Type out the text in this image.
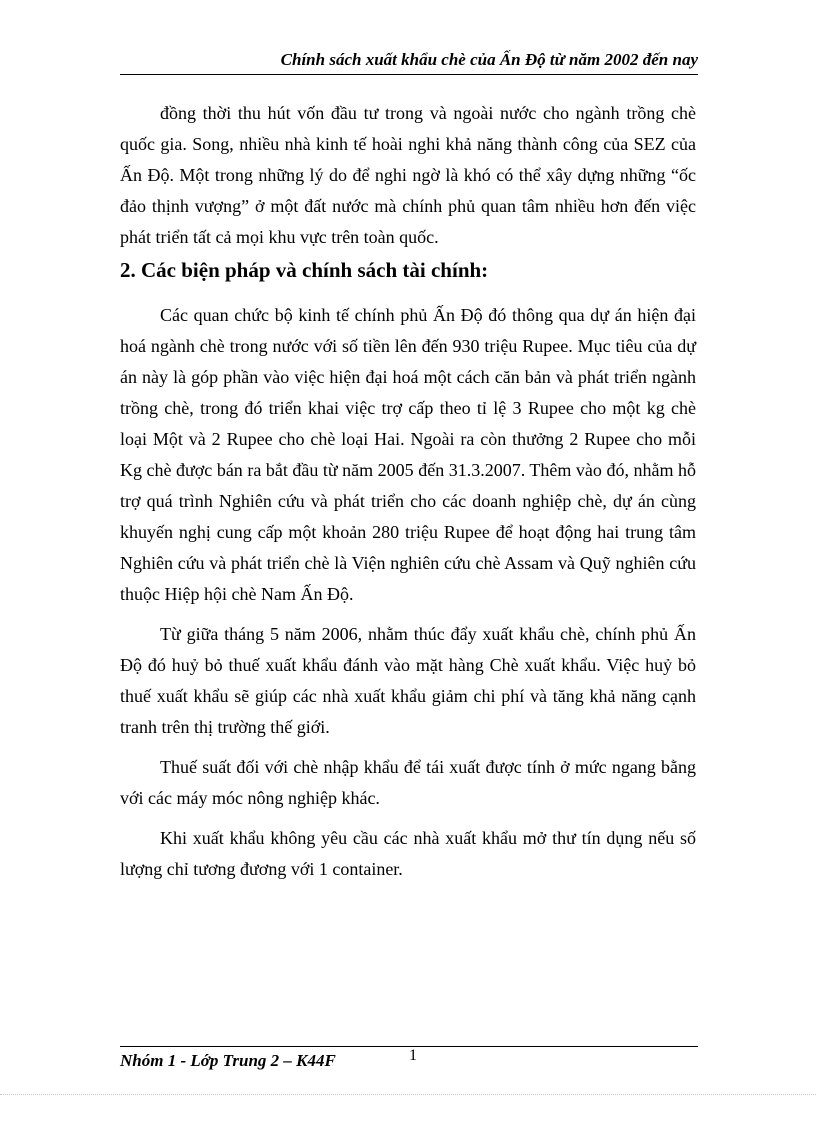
Chính sách xuất khẩu chè của Ấn Độ từ năm 2002 đến nay

đồng thời thu hút vốn đầu tư trong và ngoài nước cho ngành trồng chè quốc gia. Song, nhiều nhà kinh tế hoài nghi khả năng thành công của SEZ của Ấn Độ. Một trong những lý do để nghi ngờ là khó có thể xây dựng những “ốc đảo thịnh vượng” ở một đất nước mà chính phủ quan tâm nhiều hơn đến việc phát triển tất cả mọi khu vực trên toàn quốc.

2. Các biện pháp và chính sách tài chính:

Các quan chức bộ kinh tế chính phủ Ấn Độ đó thông qua dự án hiện đại hoá ngành chè trong nước với số tiền lên đến 930 triệu Rupee. Mục tiêu của dự án này là góp phần vào việc hiện đại hoá một cách căn bản và phát triển ngành trồng chè, trong đó triển khai việc trợ cấp theo tỉ lệ 3 Rupee cho một kg chè loại Một và 2 Rupee cho chè loại Hai. Ngoài ra còn thưởng 2 Rupee cho mỗi Kg chè được bán ra bắt đầu từ năm 2005 đến 31.3.2007. Thêm vào đó, nhằm hỗ trợ quá trình Nghiên cứu và phát triển cho các doanh nghiệp chè, dự án cùng khuyến nghị cung cấp một khoản 280 triệu Rupee để hoạt động hai trung tâm Nghiên cứu và phát triển chè là Viện nghiên cứu chè Assam và Quỹ nghiên cứu thuộc Hiệp hội chè Nam Ấn Độ.

Từ giữa tháng 5 năm 2006, nhằm thúc đẩy xuất khẩu chè, chính phủ Ấn Độ đó huỷ bỏ thuế xuất khẩu đánh vào mặt hàng Chè xuất khẩu. Việc huỷ bỏ thuế xuất khẩu sẽ giúp các nhà xuất khẩu giảm chi phí và tăng khả năng cạnh tranh trên thị trường thế giới.

Thuế suất đối với chè nhập khẩu để tái xuất được tính ở mức ngang bằng với các máy móc nông nghiệp khác.

Khi xuất khẩu không yêu cầu các nhà xuất khẩu mở thư tín dụng nếu số lượng chỉ tương đương với 1 container.

Nhóm 1 - Lớp Trung 2 – K44F	1
